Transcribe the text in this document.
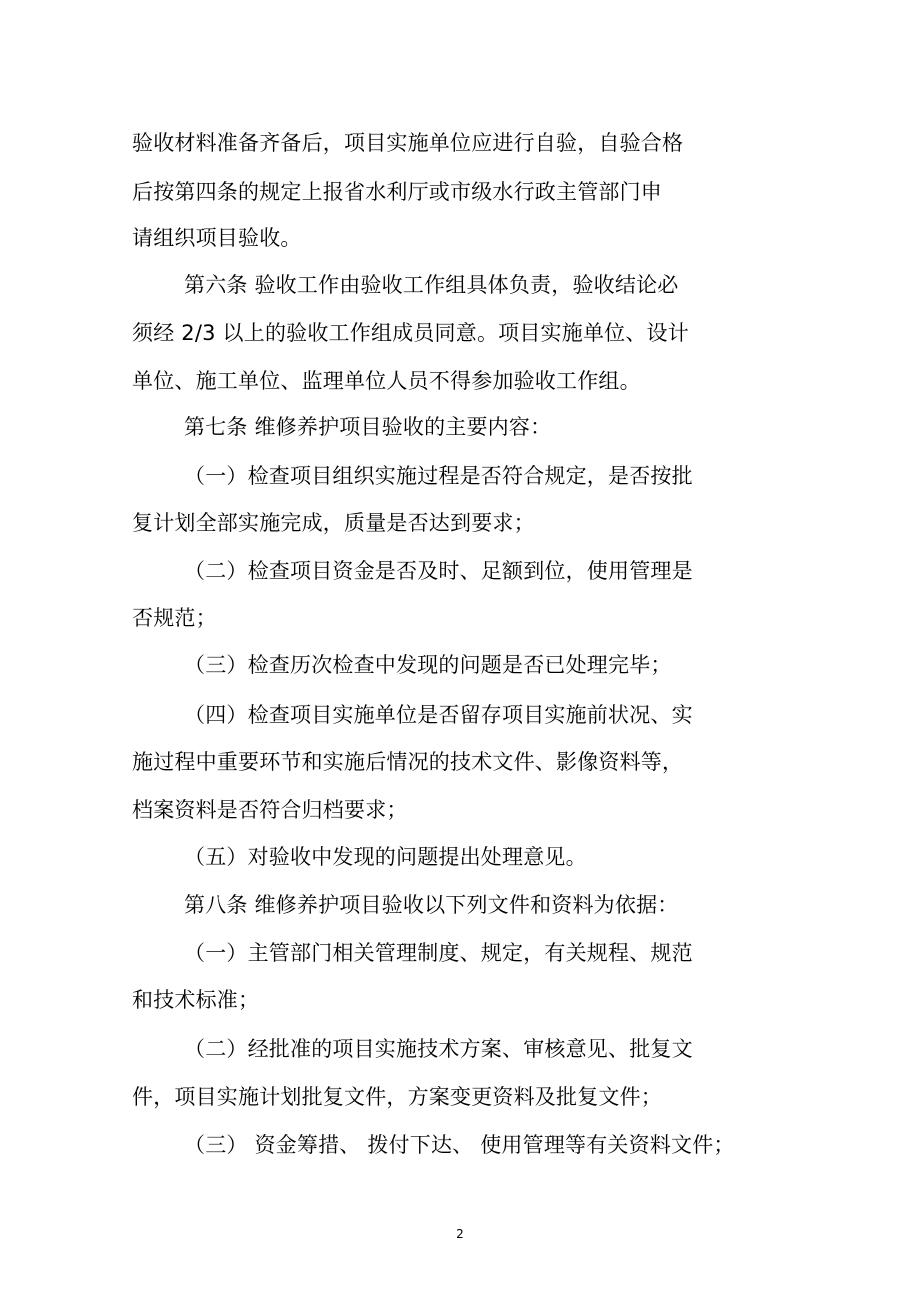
验收材料准备齐备后，项目实施单位应进行自验，自验合格
后按第四条的规定上报省水利厅或市级水行政主管部门申
请组织项目验收。
第六条 验收工作由验收工作组具体负责，验收结论必
须经 2/3 以上的验收工作组成员同意。项目实施单位、设计
单位、施工单位、监理单位人员不得参加验收工作组。
第七条 维修养护项目验收的主要内容：
（一）检查项目组织实施过程是否符合规定，是否按批
复计划全部实施完成，质量是否达到要求；
（二）检查项目资金是否及时、足额到位，使用管理是
否规范；
（三）检查历次检查中发现的问题是否已处理完毕；
（四）检查项目实施单位是否留存项目实施前状况、实
施过程中重要环节和实施后情况的技术文件、影像资料等，
档案资料是否符合归档要求；
（五）对验收中发现的问题提出处理意见。
第八条 维修养护项目验收以下列文件和资料为依据：
（一）主管部门相关管理制度、规定，有关规程、规范
和技术标准；
（二）经批准的项目实施技术方案、审核意见、批复文
件，项目实施计划批复文件，方案变更资料及批复文件；
（三） 资金筹措、 拨付下达、 使用管理等有关资料文件；
2
